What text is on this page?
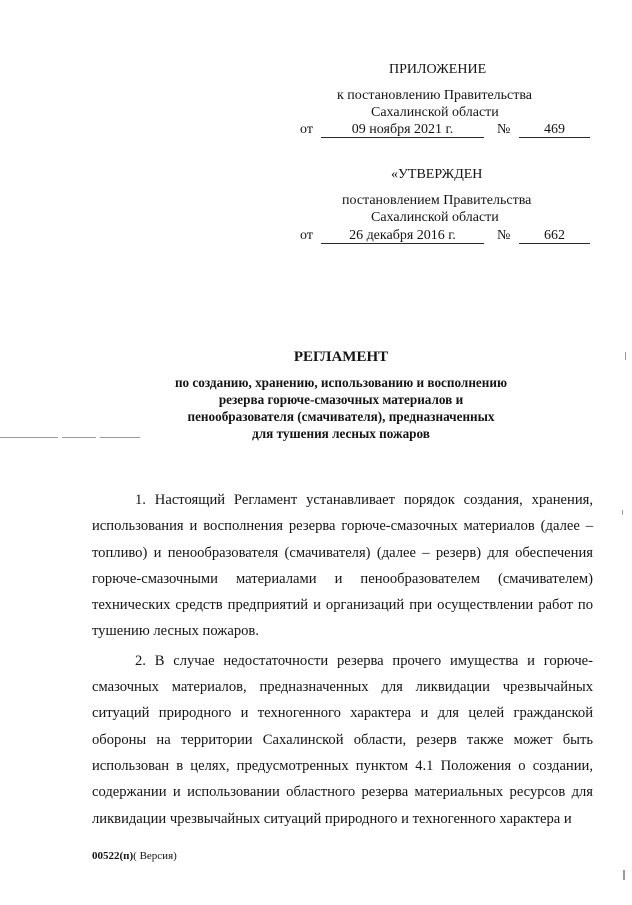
ПРИЛОЖЕНИЕ
к постановлению Правительства
Сахалинской области
от	09 ноября 2021 г.	№	469
«УТВЕРЖДЕН
постановлением Правительства
Сахалинской области
от	26 декабря 2016 г.	№	662
РЕГЛАМЕНТ
по созданию, хранению, использованию и восполнению
резерва горюче-смазочных материалов и
пенообразователя (смачивателя), предназначенных
для тушения лесных пожаров

1. Настоящий Регламент устанавливает порядок создания, хранения, использования и восполнения резерва горюче-смазочных материалов (далее – топливо) и пенообразователя (смачивателя) (далее – резерв) для обеспечения горюче-смазочными материалами и пенообразователем (смачивателем) технических средств предприятий и организаций при осуществлении работ по тушению лесных пожаров.

2. В случае недостаточности резерва прочего имущества и горюче-смазочных материалов, предназначенных для ликвидации чрезвычайных ситуаций природного и техногенного характера и для целей гражданской обороны на территории Сахалинской области, резерв также может быть использован в целях, предусмотренных пунктом 4.1 Положения о создании, содержании и использовании областного резерва материальных ресурсов для ликвидации чрезвычайных ситуаций природного и техногенного характера и

00522(п)( Версия)
